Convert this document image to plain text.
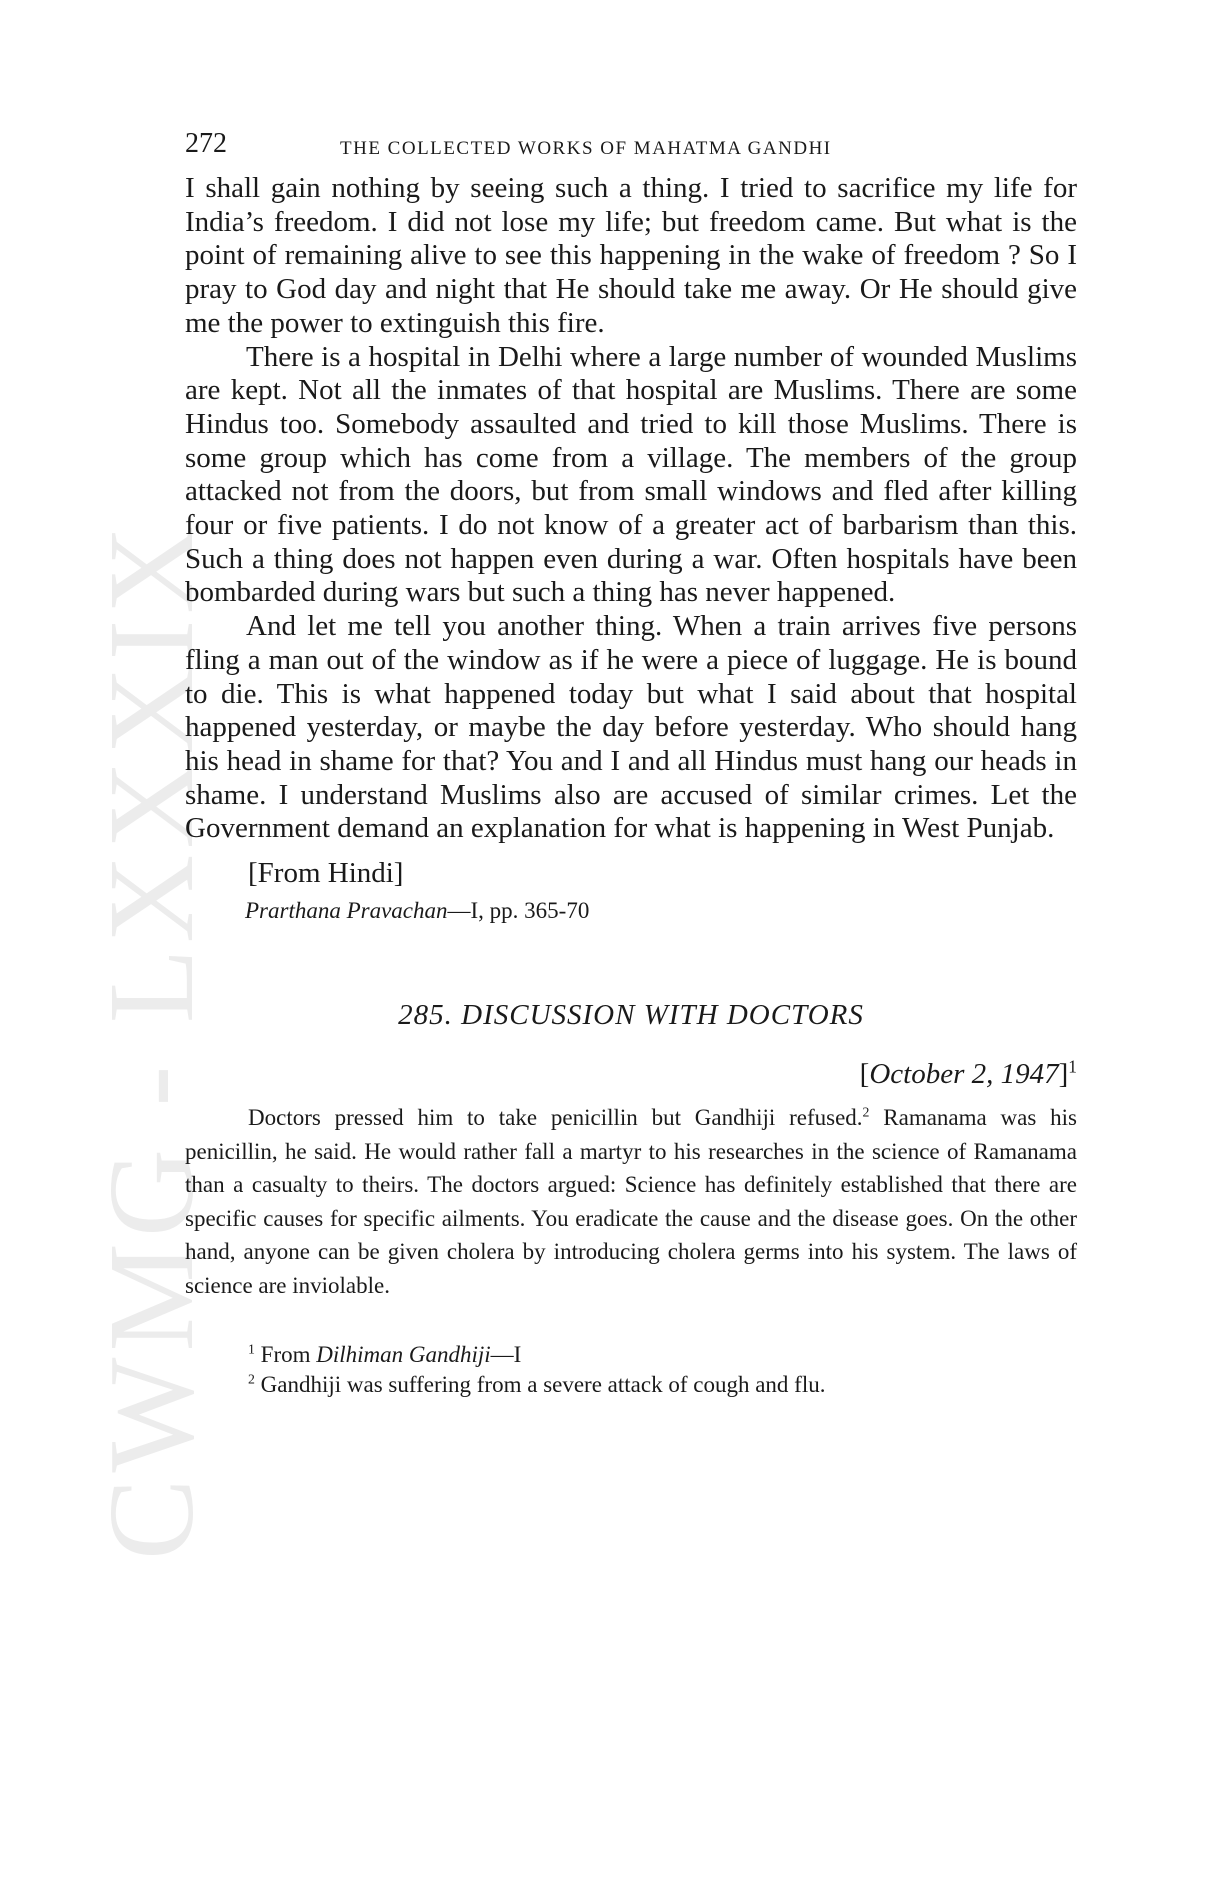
CWMG - LXXXIX
272	THE COLLECTED WORKS OF MAHATMA GANDHI

I shall gain nothing by seeing such a thing. I tried to sacrifice my life for India’s freedom. I did not lose my life; but freedom came. But what is the point of remaining alive to see this happening in the wake of freedom ? So I pray to God day and night that He should take me away. Or He should give me the power to extinguish this fire.

There is a hospital in Delhi where a large number of wounded Muslims are kept. Not all the inmates of that hospital are Muslims. There are some Hindus too. Somebody assaulted and tried to kill those Muslims. There is some group which has come from a village. The members of the group attacked not from the doors, but from small windows and fled after killing four or five patients. I do not know of a greater act of barbarism than this. Such a thing does not happen even during a war. Often hospitals have been bombarded during wars but such a thing has never happened.

And let me tell you another thing. When a train arrives five persons fling a man out of the window as if he were a piece of luggage. He is bound to die. This is what happened today but what I said about that hospital happened yesterday, or maybe the day before yesterday. Who should hang his head in shame for that? You and I and all Hindus must hang our heads in shame. I understand Muslims also are accused of similar crimes. Let the Government demand an explanation for what is happening in West Punjab.

[From Hindi]
Prarthana Pravachan—I, pp. 365-70
285. DISCUSSION WITH DOCTORS
[October 2, 1947]$^1$

Doctors pressed him to take penicillin but Gandhiji refused.$^2$ Ramanama was his penicillin, he said. He would rather fall a martyr to his researches in the science of Ramanama than a casualty to theirs. The doctors argued: Science has definitely established that there are specific causes for specific ailments. You eradicate the cause and the disease goes. On the other hand, anyone can be given cholera by introducing cholera germs into his system. The laws of science are inviolable.

$^1$ From Dilhiman Gandhiji—I
$^2$ Gandhiji was suffering from a severe attack of cough and flu.
